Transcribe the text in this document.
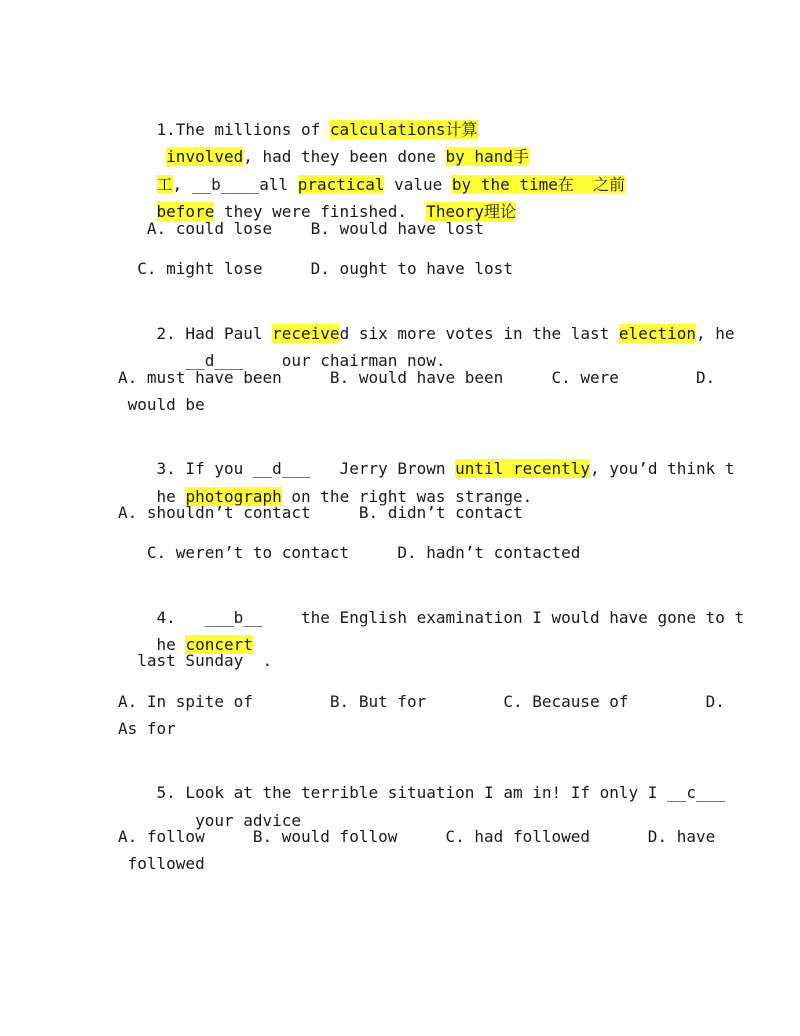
1.The millions of calculations计算

involved, had they been done by hand手

工, __b____all practical value by the time在  之前

before they were finished.  Theory理论

A. could lose    B. would have lost
C. might lose     D. ought to have lost

2. Had Paul received six more votes in the last election, he

__d___    our chairman now.

A. must have been     B. would have been     C. were        D.
would be

3. If you __d___   Jerry Brown until recently, you’d think t

he photograph on the right was strange.

A. shouldn’t contact     B. didn’t contact
C. weren’t to contact     D. hadn’t contacted

4.   ___b__    the English examination I would have gone to t

he concert

last Sunday  .
A. In spite of        B. But for        C. Because of        D.
As for

5. Look at the terrible situation I am in! If only I __c___

your advice

A. follow     B. would follow     C. had followed      D. have
followed
